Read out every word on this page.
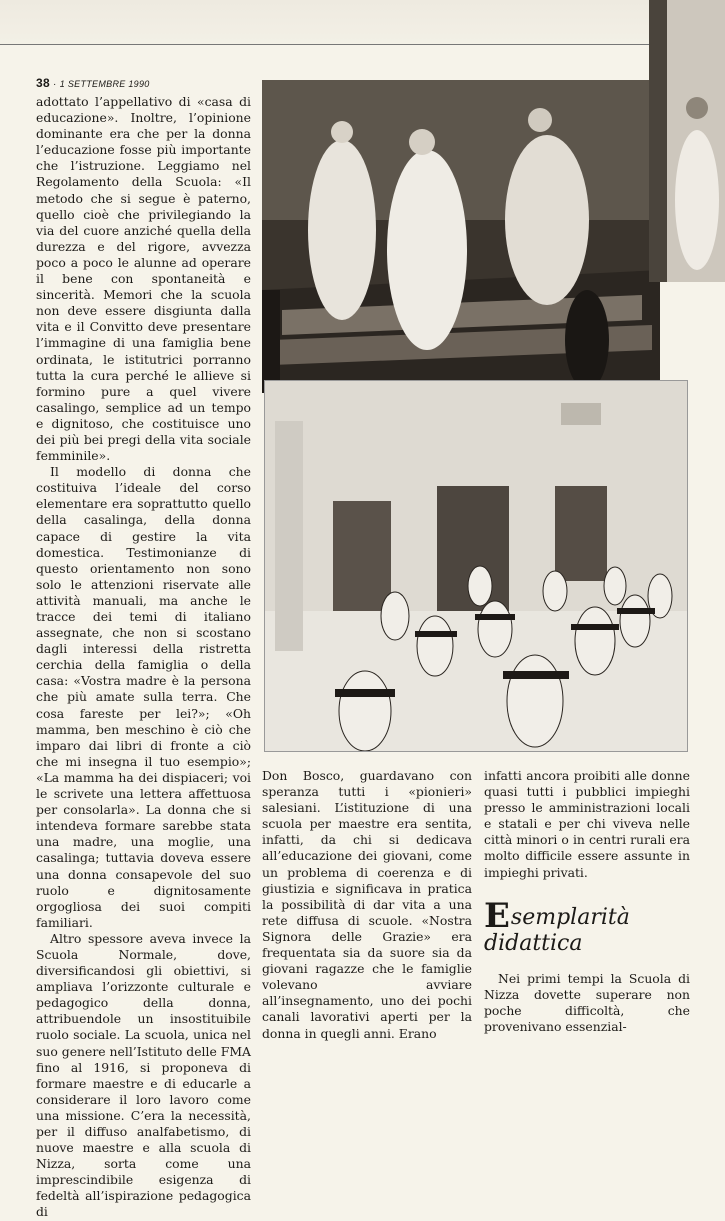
38 · 1 SETTEMBRE 1990

adottato l’appellativo di «casa di educazione». Inoltre, l’opinione dominante era che per la donna l’educazione fosse più importante che l’istruzione. Leggiamo nel Regolamento della Scuola: «Il metodo che si segue è paterno, quello cioè che privilegiando la via del cuore anziché quella della durezza e del rigore, avvezza poco a poco le alunne ad operare il bene con spontaneità e sincerità. Memori che la scuola non deve essere disgiunta dalla vita e il Convitto deve presentare l’immagine di una famiglia bene ordinata, le istitutrici porranno tutta la cura perché le allieve si formino pure a quel vivere casalingo, semplice ad un tempo e dignitoso, che costituisce uno dei più bei pregi della vita sociale femminile».

Il modello di donna che costituiva l’ideale del corso elementare era soprattutto quello della casalinga, della donna capace di gestire la vita domestica. Testimonianze di questo orientamento non sono solo le attenzioni riservate alle attività manuali, ma anche le tracce dei temi di italiano assegnate, che non si scostano dagli interessi della ristretta cerchia della famiglia o della casa: «Vostra madre è la persona che più amate sulla terra. Che cosa fareste per lei?»; «Oh mamma, ben meschino è ciò che imparo dai libri di fronte a ciò che mi insegna il tuo esempio»; «La mamma ha dei dispiaceri; voi le scrivete una lettera affettuosa per consolarla». La donna che si intendeva formare sarebbe stata una madre, una moglie, una casalinga; tuttavia doveva essere una donna consapevole del suo ruolo e dignitosamente orgogliosa dei suoi compiti familiari.

Altro spessore aveva invece la Scuola Normale, dove, diversificandosi gli obiettivi, si ampliava l’orizzonte culturale e pedagogico della donna, attribuendole un insostituibile ruolo sociale. La scuola, unica nel suo genere nell’Istituto delle FMA fino al 1916, si proponeva di formare maestre e di educarle a considerare il loro lavoro come una missione. C’era la necessità, per il diffuso analfabetismo, di nuove maestre e alla scuola di Nizza, sorta come una imprescindibile esigenza di fedeltà all’ispirazione pedagogica di

Don Bosco, guardavano con speranza tutti i «pionieri» salesiani. L’istituzione di una scuola per maestre era sentita, infatti, da chi si dedicava all’educazione dei giovani, come un problema di coerenza e di giustizia e significava in pratica la possibilità di dar vita a una rete diffusa di scuole. «Nostra Signora delle Grazie» era frequentata sia da suore sia da giovani ragazze che le famiglie volevano avviare all’insegnamento, uno dei pochi canali lavorativi aperti per la donna in quegli anni. Erano

infatti ancora proibiti alle donne quasi tutti i pubblici impieghi presso le amministrazioni locali e statali e per chi viveva nelle città minori o in centri rurali era molto difficile essere assunte in impieghi privati.

Esemplarità didattica

Nei primi tempi la Scuola di Nizza dovette superare non poche difficoltà, che provenivano essenzial-
